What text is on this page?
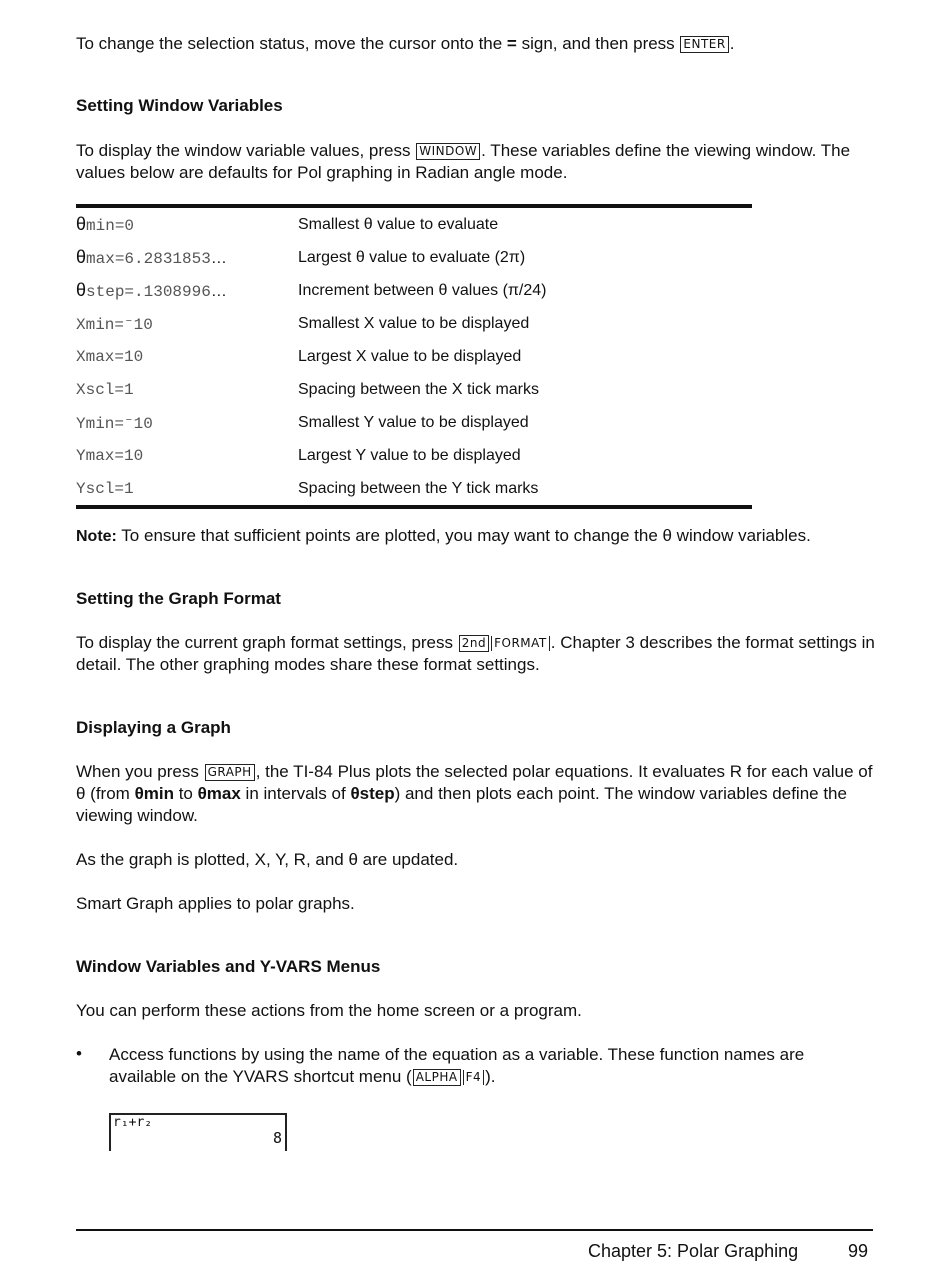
To change the selection status, move the cursor onto the = sign, and then press ENTER .

Setting Window Variables

To display the window variable values, press WINDOW . These variables define the viewing window. The values below are defaults for Pol graphing in Radian angle mode.

θmin=0	Smallest θ value to evaluate
θmax=6.2831853…	Largest θ value to evaluate (2π)
θstep=.1308996…	Increment between θ values (π/24)
Xmin=⁻10	Smallest X value to be displayed
Xmax=10	Largest X value to be displayed
Xscl=1	Spacing between the X tick marks
Ymin=⁻10	Smallest Y value to be displayed
Ymax=10	Largest Y value to be displayed
Yscl=1	Spacing between the Y tick marks

Note: To ensure that sufficient points are plotted, you may want to change the θ window variables.

Setting the Graph Format

To display the current graph format settings, press 2nd FORMAT . Chapter 3 describes the format settings in detail. The other graphing modes share these format settings.

Displaying a Graph

When you press GRAPH , the TI-84 Plus plots the selected polar equations. It evaluates R for each value of θ (from θmin to θmax in intervals of θstep) and then plots each point. The window variables define the viewing window.

As the graph is plotted, X, Y, R, and θ are updated.

Smart Graph applies to polar graphs.

Window Variables and Y-VARS Menus

You can perform these actions from the home screen or a program.

• Access functions by using the name of the equation as a variable. These function names are available on the YVARS shortcut menu ( ALPHA F4 ).
r₁+r₂
8
Chapter 5: Polar Graphing	99
